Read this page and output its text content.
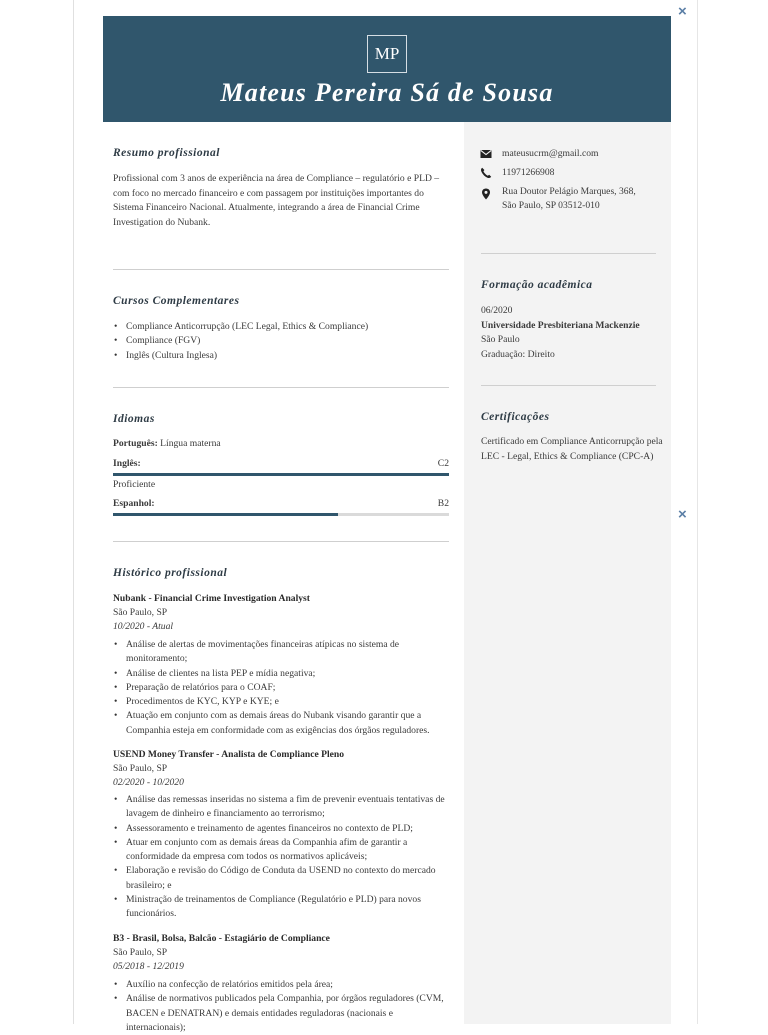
×
×
MP
Mateus Pereira Sá de Sousa
mateusucrm@gmail.com
11971266908
Rua Doutor Pelágio Marques, 368,
São Paulo, SP 03512-010
Formação acadêmica
06/2020
Universidade Presbiteriana Mackenzie
São Paulo
Graduação: Direito
Certificações
Certificado em Compliance Anticorrupção pela LEC - Legal, Ethics & Compliance (CPC-A)
Resumo profissional
Profissional com 3 anos de experiência na área de Compliance – regulatório e PLD – com foco no mercado financeiro e com passagem por instituições importantes do Sistema Financeiro Nacional. Atualmente, integrando a área de Financial Crime Investigation do Nubank.
Cursos Complementares
• Compliance Anticorrupção (LEC Legal, Ethics & Compliance)
• Compliance (FGV)
• Inglês (Cultura Inglesa)
Idiomas
Português: Língua materna
Inglês:	C2
Proficiente
Espanhol:	B2
Histórico profissional
Nubank - Financial Crime Investigation Analyst
São Paulo, SP
10/2020 - Atual
• Análise de alertas de movimentações financeiras atípicas no sistema de monitoramento;
• Análise de clientes na lista PEP e mídia negativa;
• Preparação de relatórios para o COAF;
• Procedimentos de KYC, KYP e KYE; e
• Atuação em conjunto com as demais áreas do Nubank visando garantir que a Companhia esteja em conformidade com as exigências dos órgãos reguladores.
USEND Money Transfer - Analista de Compliance Pleno
São Paulo, SP
02/2020 - 10/2020
• Análise das remessas inseridas no sistema a fim de prevenir eventuais tentativas de lavagem de dinheiro e financiamento ao terrorismo;
• Assessoramento e treinamento de agentes financeiros no contexto de PLD;
• Atuar em conjunto com as demais áreas da Companhia afim de garantir a conformidade da empresa com todos os normativos aplicáveis;
• Elaboração e revisão do Código de Conduta da USEND no contexto do mercado brasileiro; e
• Ministração de treinamentos de Compliance (Regulatório e PLD) para novos funcionários.
B3 - Brasil, Bolsa, Balcão - Estagiário de Compliance
São Paulo, SP
05/2018 - 12/2019
• Auxílio na confecção de relatórios emitidos pela área;
• Análise de normativos publicados pela Companhia, por órgãos reguladores (CVM, BACEN e DENATRAN) e demais entidades reguladoras (nacionais e internacionais);
